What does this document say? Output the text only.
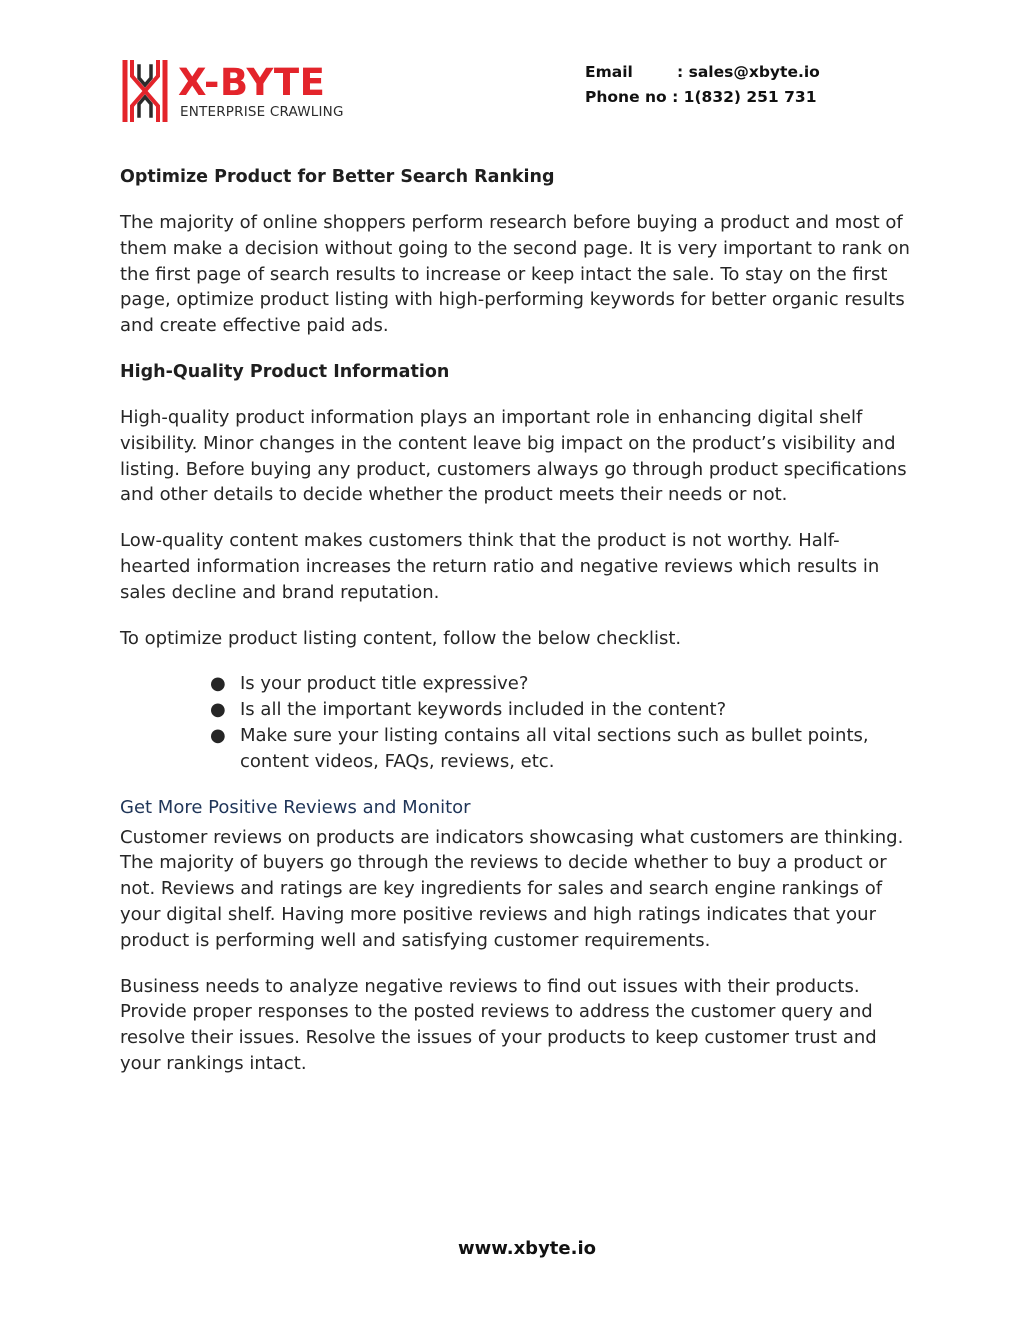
X-BYTE
ENTERPRISE CRAWLING
Email	: sales@xbyte.io
Phone no : 1(832) 251 731
Optimize Product for Better Search Ranking

The majority of online shoppers perform research before buying a product and most of them make a decision without going to the second page. It is very important to rank on the first page of search results to increase or keep intact the sale. To stay on the first page, optimize product listing with high-performing keywords for better organic results and create effective paid ads.

High-Quality Product Information

High-quality product information plays an important role in enhancing digital shelf visibility. Minor changes in the content leave big impact on the product’s visibility and listing. Before buying any product, customers always go through product specifications and other details to decide whether the product meets their needs or not.

Low-quality content makes customers think that the product is not worthy. Half-hearted information increases the return ratio and negative reviews which results in sales decline and brand reputation.

To optimize product listing content, follow the below checklist.

● Is your product title expressive?
● Is all the important keywords included in the content?
● Make sure your listing contains all vital sections such as bullet points, content videos, FAQs, reviews, etc.
Get More Positive Reviews and Monitor

Customer reviews on products are indicators showcasing what customers are thinking. The majority of buyers go through the reviews to decide whether to buy a product or not. Reviews and ratings are key ingredients for sales and search engine rankings of your digital shelf. Having more positive reviews and high ratings indicates that your product is performing well and satisfying customer requirements.

Business needs to analyze negative reviews to find out issues with their products. Provide proper responses to the posted reviews to address the customer query and resolve their issues. Resolve the issues of your products to keep customer trust and your rankings intact.

www.xbyte.io
